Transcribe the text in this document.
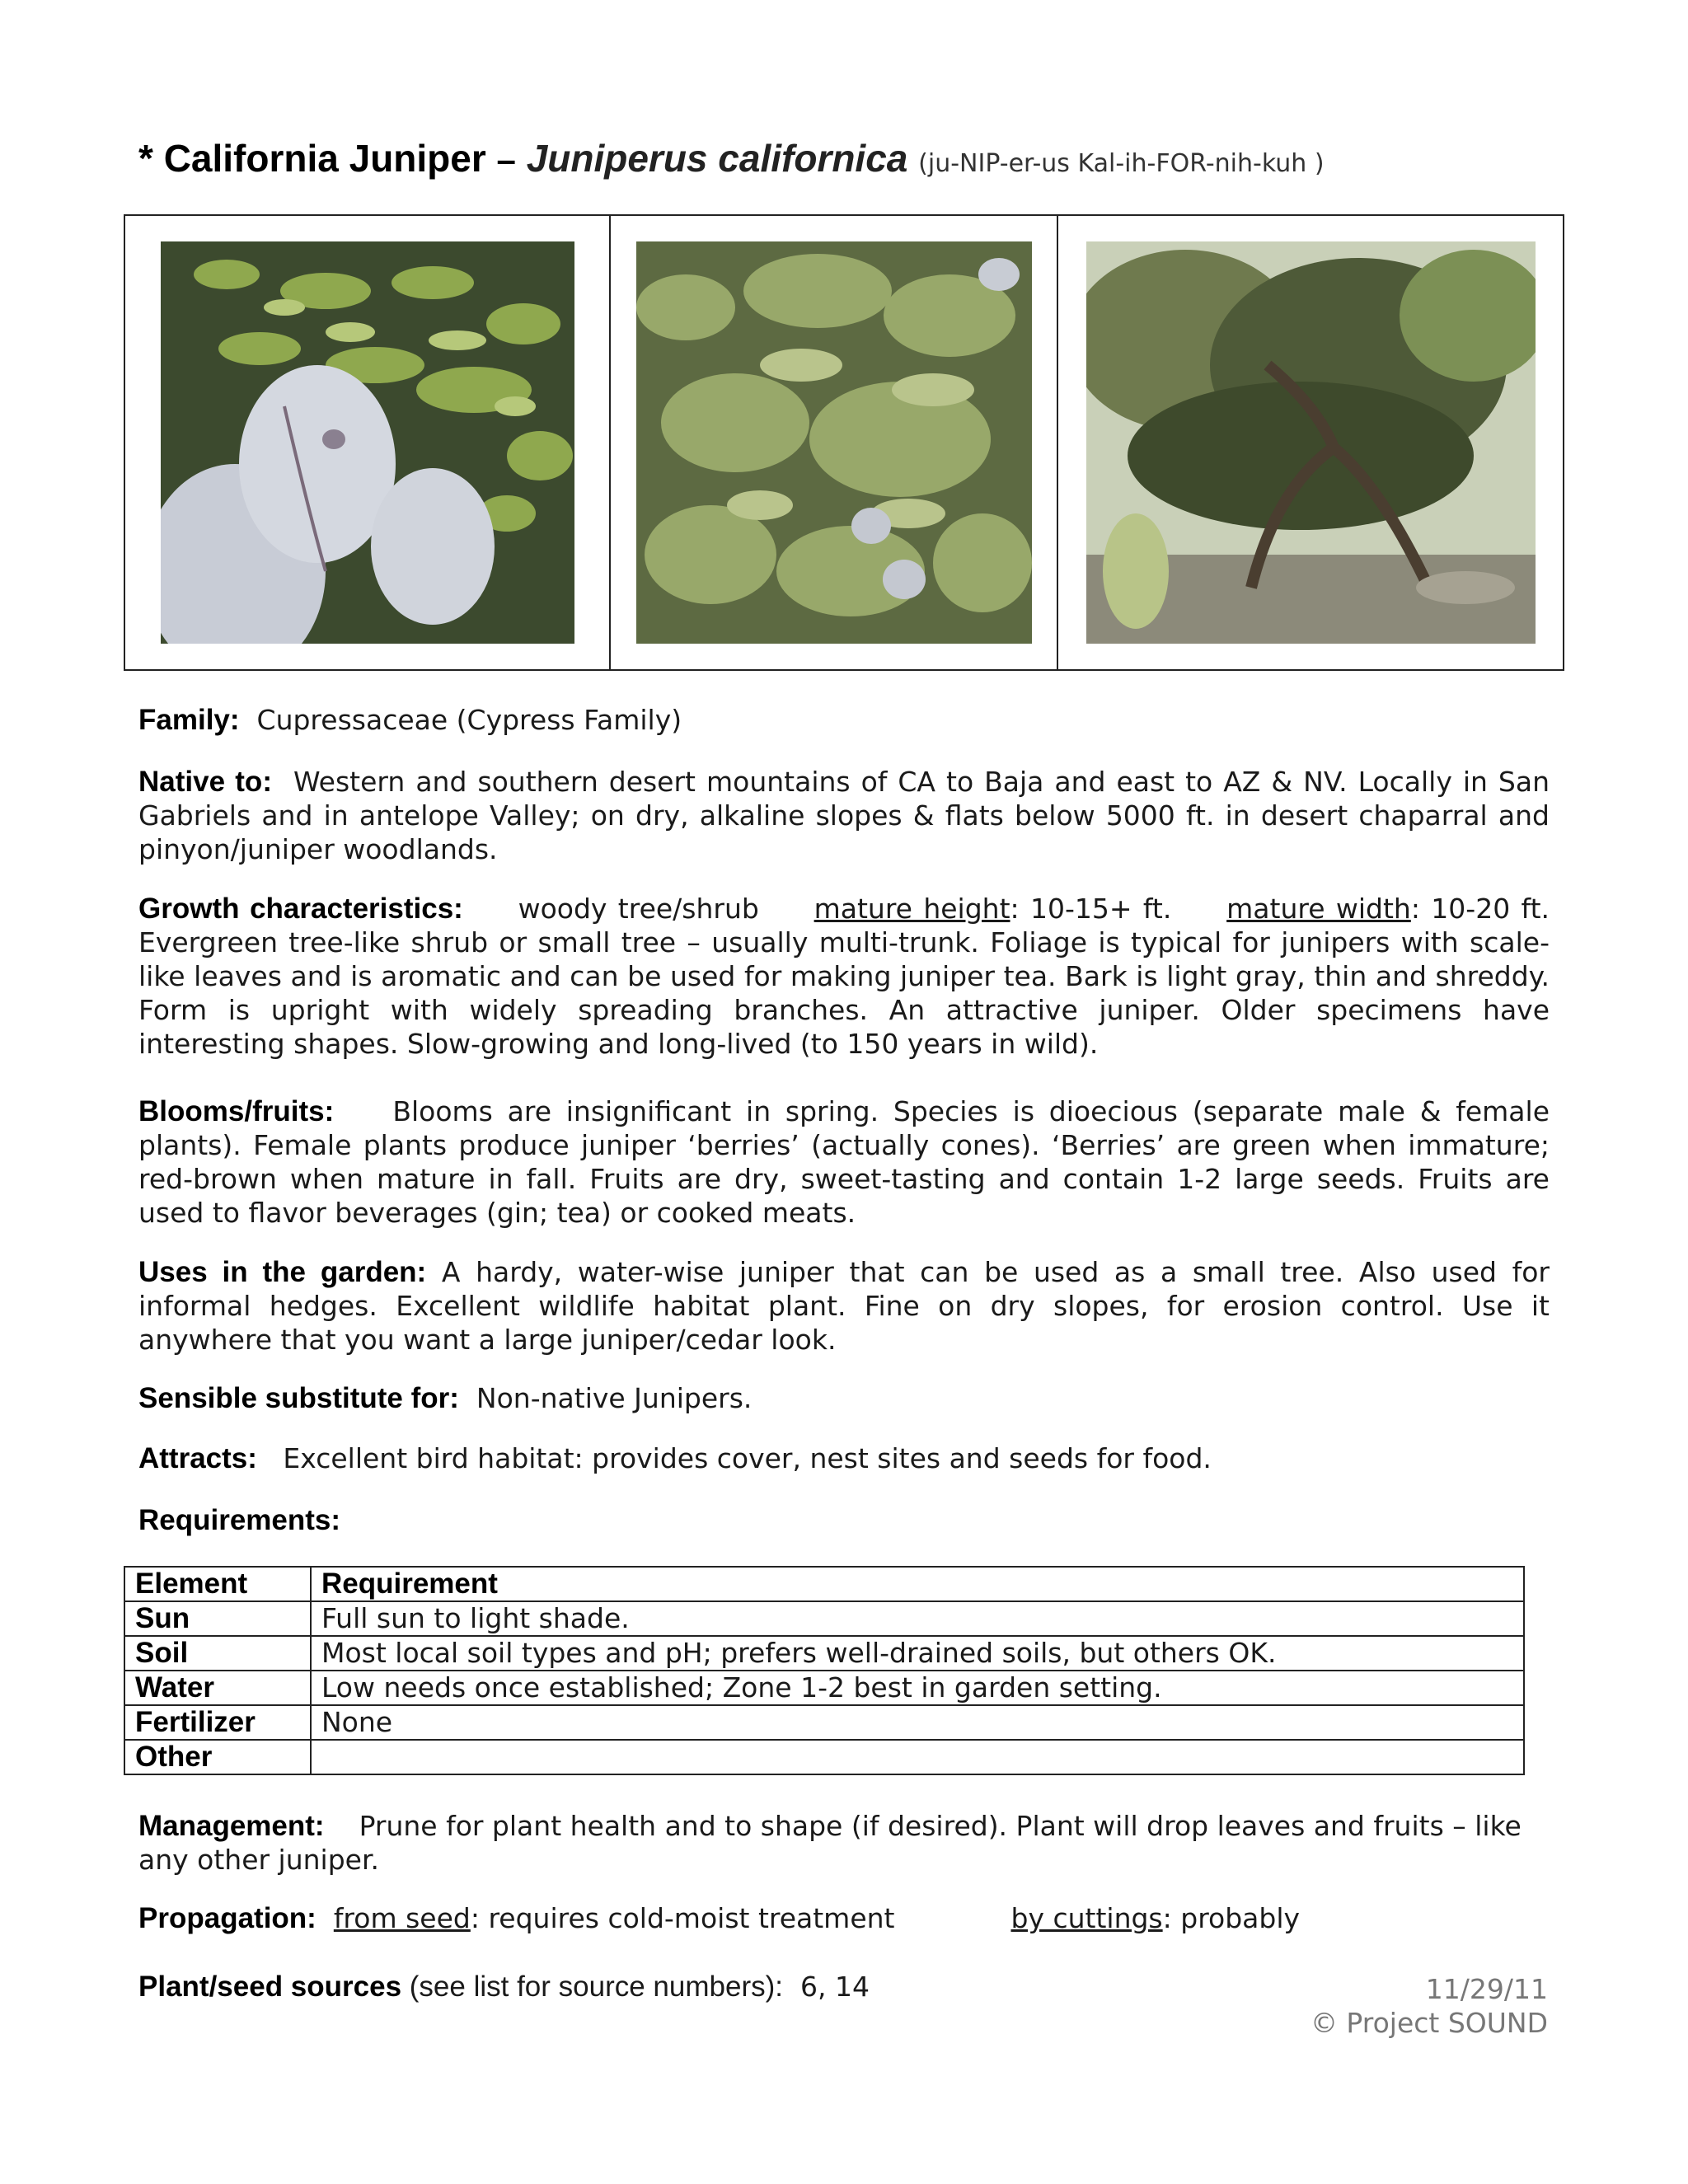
* California Juniper – Juniperus californica (ju-NIP-er-us Kal-ih-FOR-nih-kuh )
Family: Cupressaceae (Cypress Family)
Native to: Western and southern desert mountains of CA to Baja and east to AZ & NV. Locally in San Gabriels and in antelope Valley; on dry, alkaline slopes & flats below 5000 ft. in desert chaparral and pinyon/juniper woodlands.
Growth characteristics: woody tree/shrub mature height: 10-15+ ft. mature width: 10-20 ft. Evergreen tree-like shrub or small tree – usually multi-trunk. Foliage is typical for junipers with scale-like leaves and is aromatic and can be used for making juniper tea. Bark is light gray, thin and shreddy. Form is upright with widely spreading branches. An attractive juniper. Older specimens have interesting shapes. Slow-growing and long-lived (to 150 years in wild).
Blooms/fruits: Blooms are insignificant in spring. Species is dioecious (separate male & female plants). Female plants produce juniper ‘berries’ (actually cones). ‘Berries’ are green when immature; red-brown when mature in fall. Fruits are dry, sweet-tasting and contain 1-2 large seeds. Fruits are used to flavor beverages (gin; tea) or cooked meats.
Uses in the garden: A hardy, water-wise juniper that can be used as a small tree. Also used for informal hedges. Excellent wildlife habitat plant. Fine on dry slopes, for erosion control. Use it anywhere that you want a large juniper/cedar look.
Sensible substitute for: Non-native Junipers.
Attracts: Excellent bird habitat: provides cover, nest sites and seeds for food.
Requirements:
Element	Requirement
Sun	Full sun to light shade.
Soil	Most local soil types and pH; prefers well-drained soils, but others OK.
Water	Low needs once established; Zone 1-2 best in garden setting.
Fertilizer	None
Other	
Management: Prune for plant health and to shape (if desired). Plant will drop leaves and fruits – like any other juniper.
Propagation: from seed: requires cold-moist treatment	by cuttings: probably
Plant/seed sources (see list for source numbers): 6, 14	11/29/11
© Project SOUND
